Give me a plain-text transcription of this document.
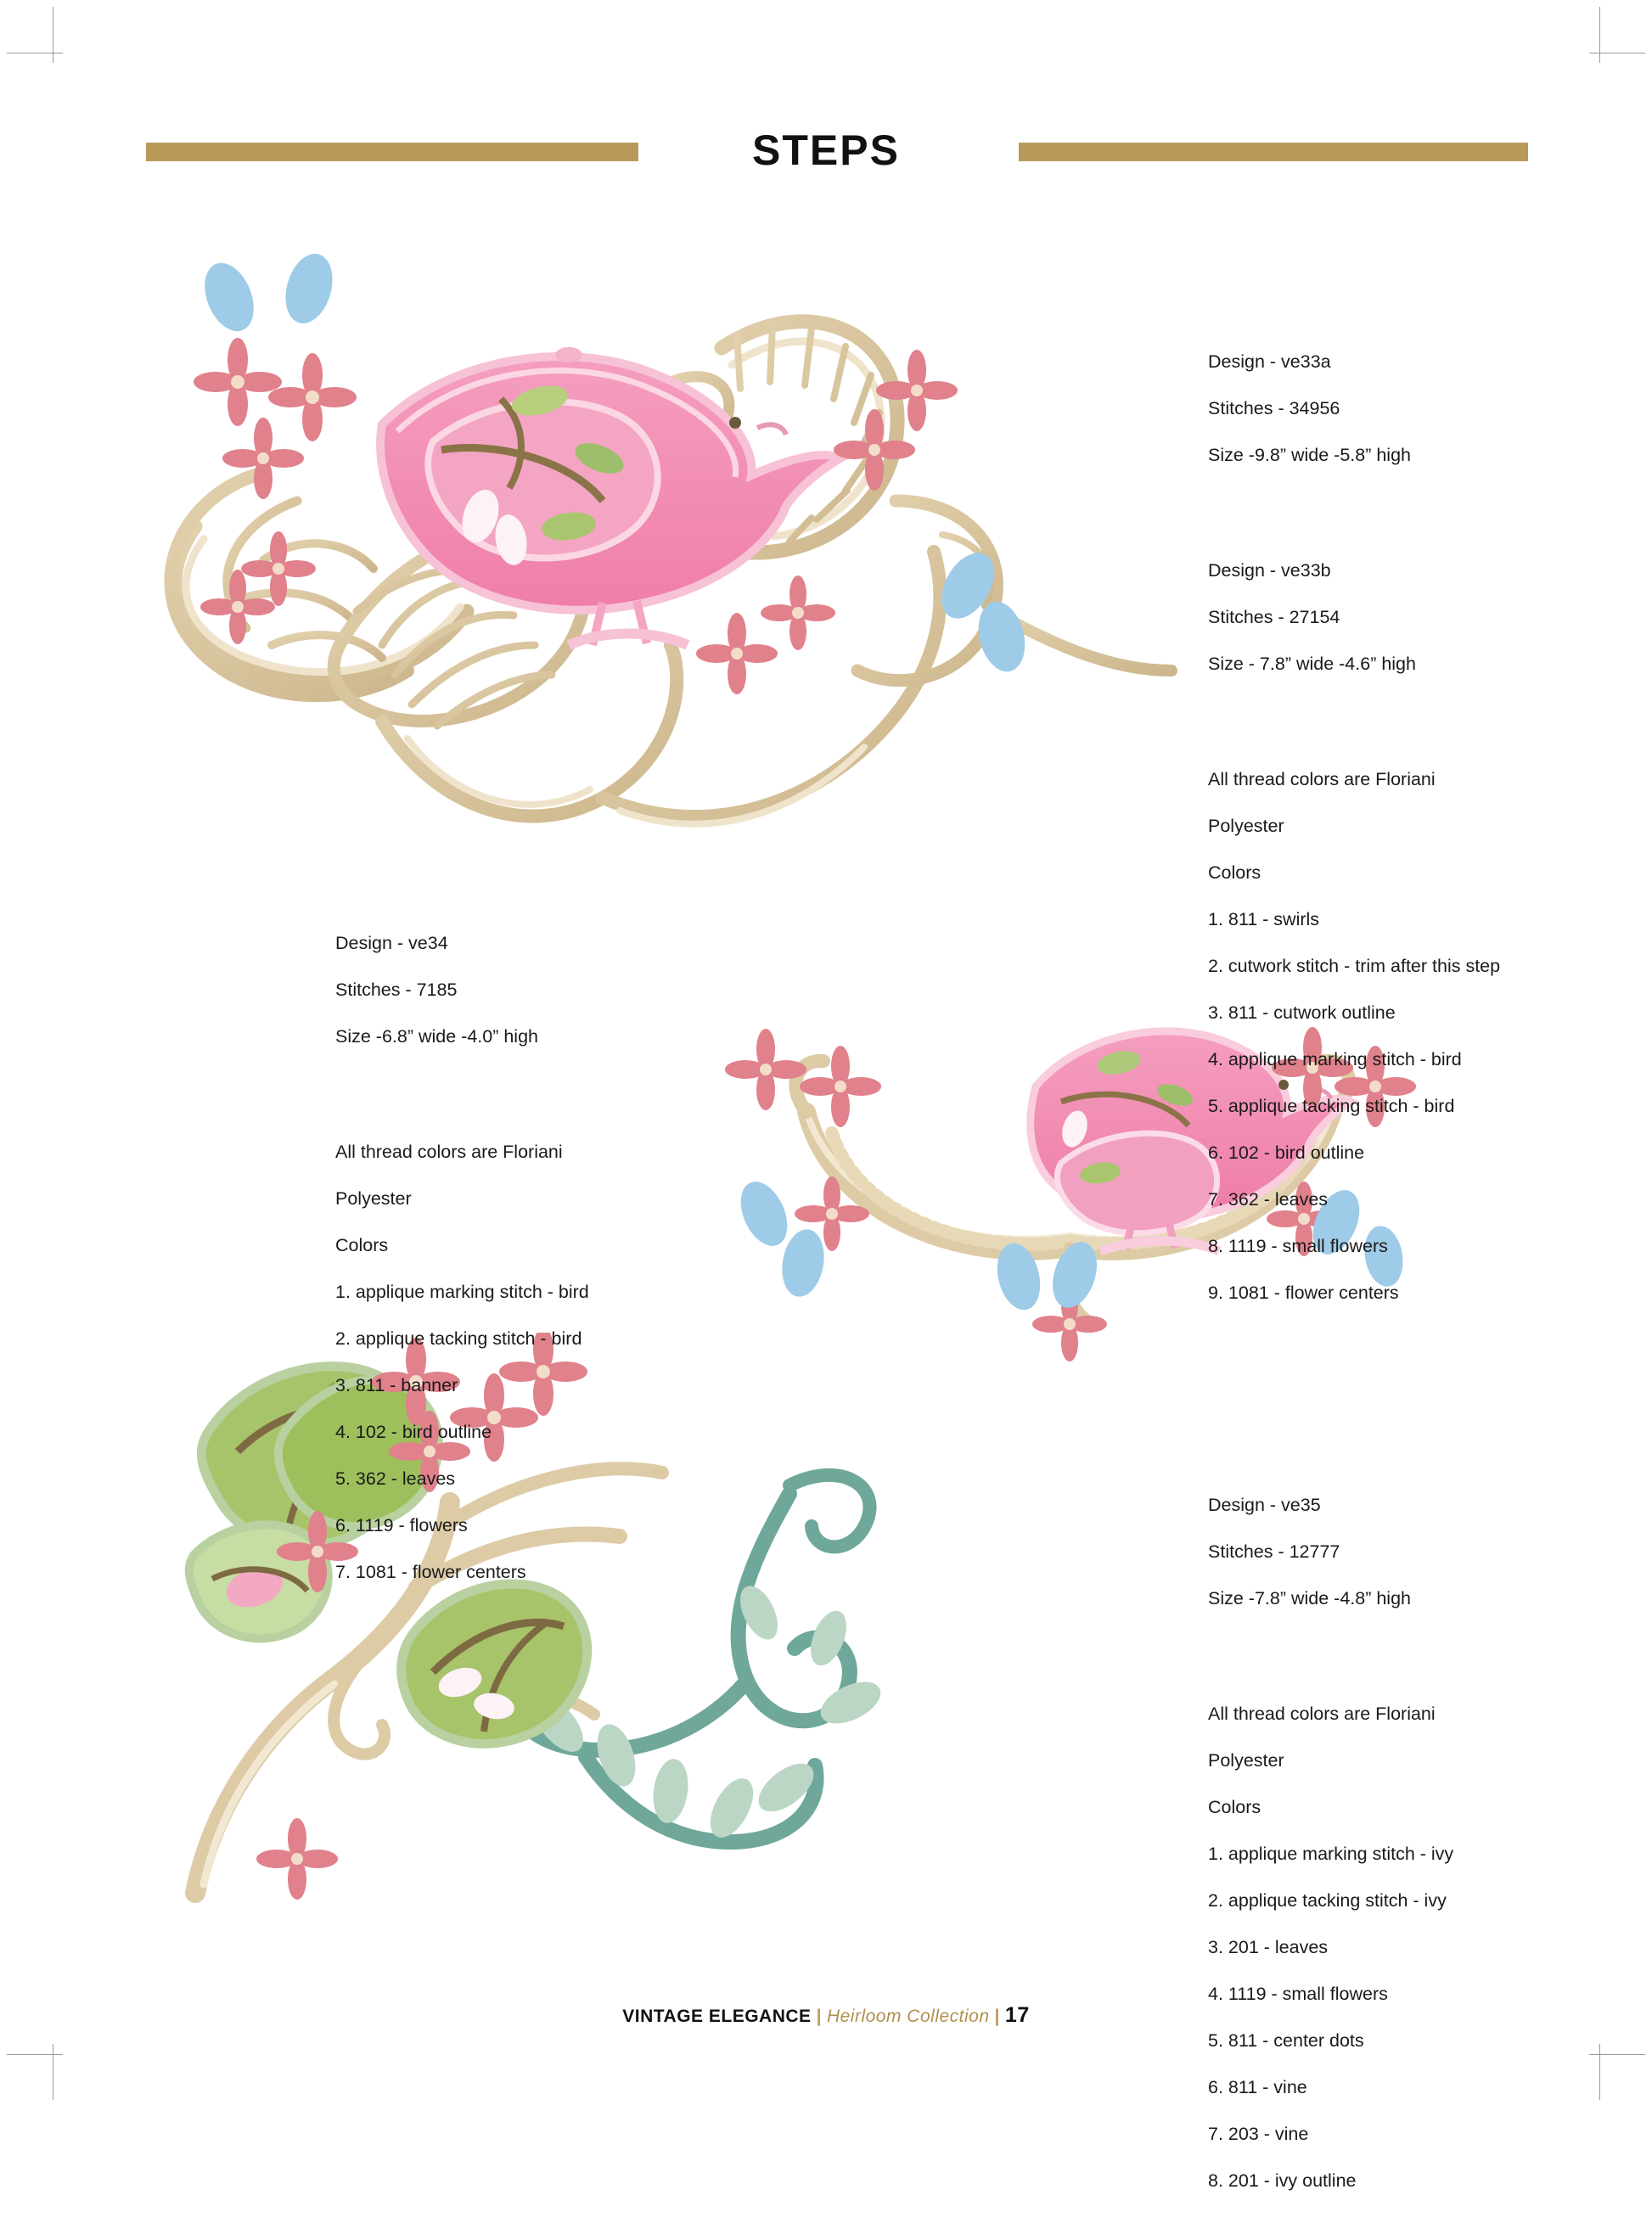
STEPS

Design - ve33a

Stitches - 34956

Size -9.8” wide -5.8” high

Design - ve33b

Stitches - 27154

Size - 7.8” wide -4.6” high

All thread colors are Floriani

Polyester

Colors

1. 811 - swirls

2. cutwork stitch - trim after this step

3. 811 - cutwork outline

4. applique marking stitch - bird

5. applique tacking stitch - bird

6. 102 - bird outline

7. 362 - leaves

8. 1119 - small flowers

9. 1081 - flower centers

Design - ve34

Stitches - 7185

Size -6.8” wide -4.0” high

All thread colors are Floriani

Polyester

Colors

1. applique marking stitch - bird

2. applique tacking stitch - bird

3. 811 - banner

4. 102 - bird outline

5. 362 - leaves

6. 1119 - flowers

7. 1081 - flower centers

Design - ve35

Stitches - 12777

Size -7.8” wide -4.8” high

All thread colors are Floriani

Polyester

Colors

1. applique marking stitch - ivy

2. applique tacking stitch - ivy

3. 201 - leaves

4. 1119 - small flowers

5. 811 - center dots

6. 811 - vine

7. 203 - vine

8. 201 - ivy outline

VINTAGE ELEGANCE | Heirloom Collection | 17
